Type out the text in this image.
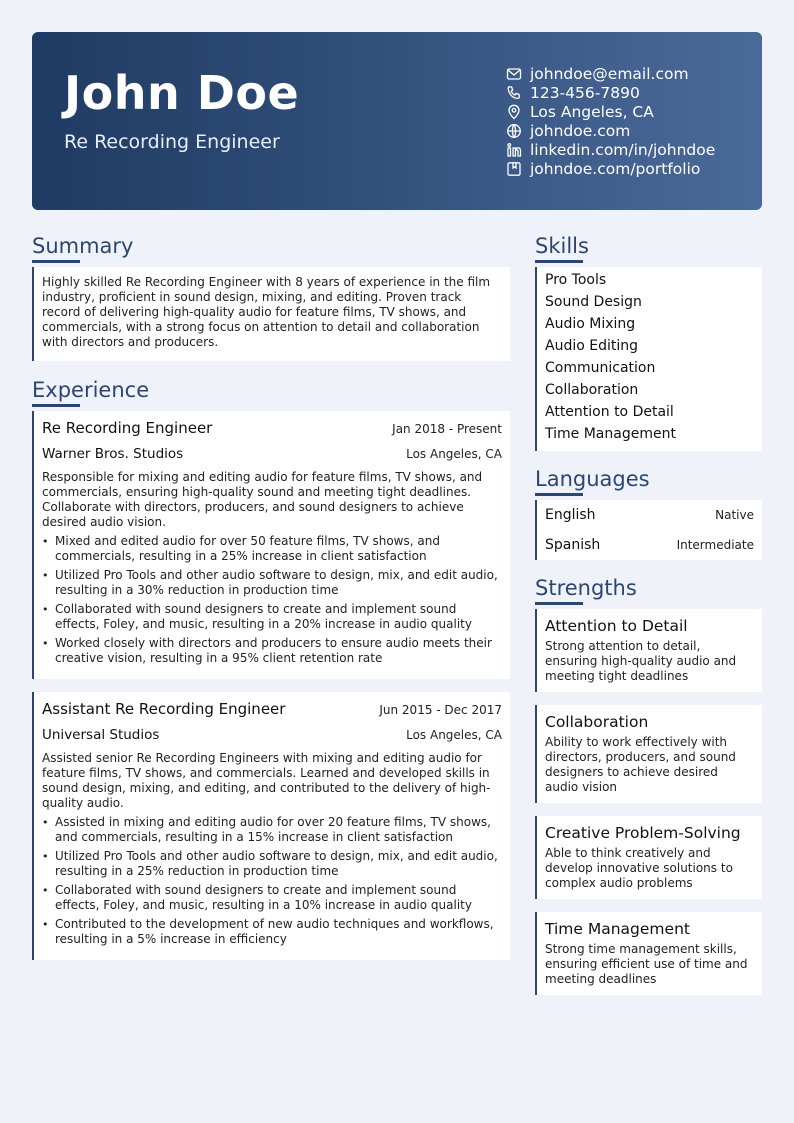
John Doe
Re Recording Engineer
johndoe@email.com
123-456-7890
Los Angeles, CA
johndoe.com
linkedin.com/in/johndoe
johndoe.com/portfolio
Summary
Highly skilled Re Recording Engineer with 8 years of experience in the film industry, proficient in sound design, mixing, and editing. Proven track record of delivering high-quality audio for feature films, TV shows, and commercials, with a strong focus on attention to detail and collaboration with directors and producers.
Experience
Re Recording Engineer	Jan 2018 - Present
Warner Bros. Studios	Los Angeles, CA
Responsible for mixing and editing audio for feature films, TV shows, and commercials, ensuring high-quality sound and meeting tight deadlines. Collaborate with directors, producers, and sound designers to achieve desired audio vision.
• Mixed and edited audio for over 50 feature films, TV shows, and commercials, resulting in a 25% increase in client satisfaction
• Utilized Pro Tools and other audio software to design, mix, and edit audio, resulting in a 30% reduction in production time
• Collaborated with sound designers to create and implement sound effects, Foley, and music, resulting in a 20% increase in audio quality
• Worked closely with directors and producers to ensure audio meets their creative vision, resulting in a 95% client retention rate
Assistant Re Recording Engineer	Jun 2015 - Dec 2017
Universal Studios	Los Angeles, CA
Assisted senior Re Recording Engineers with mixing and editing audio for feature films, TV shows, and commercials. Learned and developed skills in sound design, mixing, and editing, and contributed to the delivery of high-quality audio.
• Assisted in mixing and editing audio for over 20 feature films, TV shows, and commercials, resulting in a 15% increase in client satisfaction
• Utilized Pro Tools and other audio software to design, mix, and edit audio, resulting in a 25% reduction in production time
• Collaborated with sound designers to create and implement sound effects, Foley, and music, resulting in a 10% increase in audio quality
• Contributed to the development of new audio techniques and workflows, resulting in a 5% increase in efficiency
Skills
Pro Tools
Sound Design
Audio Mixing
Audio Editing
Communication
Collaboration
Attention to Detail
Time Management
Languages
English	Native
Spanish	Intermediate
Strengths
Attention to Detail
Strong attention to detail, ensuring high-quality audio and meeting tight deadlines
Collaboration
Ability to work effectively with directors, producers, and sound designers to achieve desired audio vision
Creative Problem-Solving
Able to think creatively and develop innovative solutions to complex audio problems
Time Management
Strong time management skills, ensuring efficient use of time and meeting deadlines
